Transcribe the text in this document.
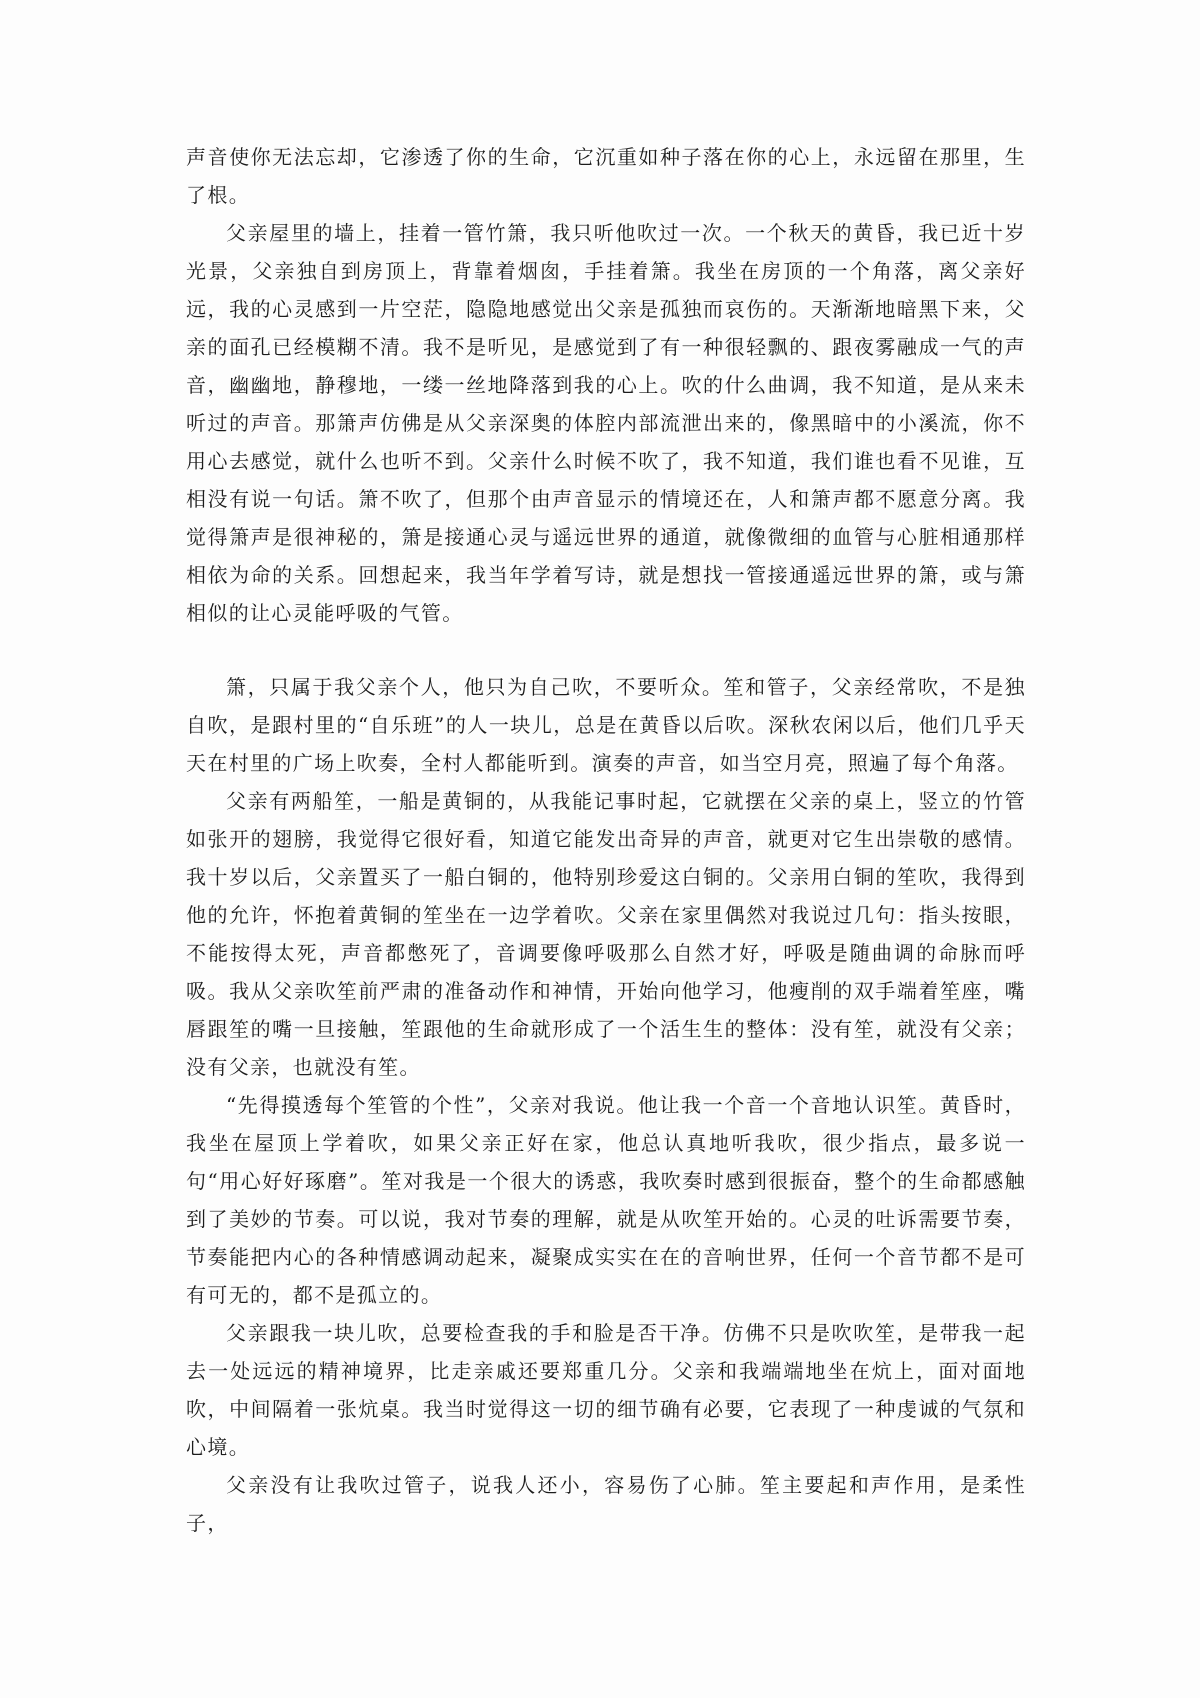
声音使你无法忘却，它渗透了你的生命，它沉重如种子落在你的心上，永远留在那里，生了根。

父亲屋里的墙上，挂着一管竹箫，我只听他吹过一次。一个秋天的黄昏，我已近十岁光景，父亲独自到房顶上，背靠着烟囱，手挂着箫。我坐在房顶的一个角落，离父亲好远，我的心灵感到一片空茫，隐隐地感觉出父亲是孤独而哀伤的。天渐渐地暗黑下来，父亲的面孔已经模糊不清。我不是听见，是感觉到了有一种很轻飘的、跟夜雾融成一气的声音，幽幽地，静穆地，一缕一丝地降落到我的心上。吹的什么曲调，我不知道，是从来未听过的声音。那箫声仿佛是从父亲深奥的体腔内部流泄出来的，像黑暗中的小溪流，你不用心去感觉，就什么也听不到。父亲什么时候不吹了，我不知道，我们谁也看不见谁，互相没有说一句话。箫不吹了，但那个由声音显示的情境还在，人和箫声都不愿意分离。我觉得箫声是很神秘的，箫是接通心灵与遥远世界的通道，就像微细的血管与心脏相通那样相依为命的关系。回想起来，我当年学着写诗，就是想找一管接通遥远世界的箫，或与箫相似的让心灵能呼吸的气管。

箫，只属于我父亲个人，他只为自己吹，不要听众。笙和管子，父亲经常吹，不是独自吹，是跟村里的“自乐班”的人一块儿，总是在黄昏以后吹。深秋农闲以后，他们几乎天天在村里的广场上吹奏，全村人都能听到。演奏的声音，如当空月亮，照遍了每个角落。

父亲有两船笙，一船是黄铜的，从我能记事时起，它就摆在父亲的桌上，竖立的竹管如张开的翅膀，我觉得它很好看，知道它能发出奇异的声音，就更对它生出崇敬的感情。我十岁以后，父亲置买了一船白铜的，他特别珍爱这白铜的。父亲用白铜的笙吹，我得到他的允许，怀抱着黄铜的笙坐在一边学着吹。父亲在家里偶然对我说过几句：指头按眼，不能按得太死，声音都憋死了，音调要像呼吸那么自然才好，呼吸是随曲调的命脉而呼吸。我从父亲吹笙前严肃的准备动作和神情，开始向他学习，他瘦削的双手端着笙座，嘴唇跟笙的嘴一旦接触，笙跟他的生命就形成了一个活生生的整体：没有笙，就没有父亲；没有父亲，也就没有笙。

“先得摸透每个笙管的个性”，父亲对我说。他让我一个音一个音地认识笙。黄昏时，我坐在屋顶上学着吹，如果父亲正好在家，他总认真地听我吹，很少指点，最多说一句“用心好好琢磨”。笙对我是一个很大的诱惑，我吹奏时感到很振奋，整个的生命都感触到了美妙的节奏。可以说，我对节奏的理解，就是从吹笙开始的。心灵的吐诉需要节奏，节奏能把内心的各种情感调动起来，凝聚成实实在在的音响世界，任何一个音节都不是可有可无的，都不是孤立的。

父亲跟我一块儿吹，总要检查我的手和脸是否干净。仿佛不只是吹吹笙，是带我一起去一处远远的精神境界，比走亲戚还要郑重几分。父亲和我端端地坐在炕上，面对面地吹，中间隔着一张炕桌。我当时觉得这一切的细节确有必要，它表现了一种虔诚的气氛和心境。

父亲没有让我吹过管子，说我人还小，容易伤了心肺。笙主要起和声作用，是柔性子，
